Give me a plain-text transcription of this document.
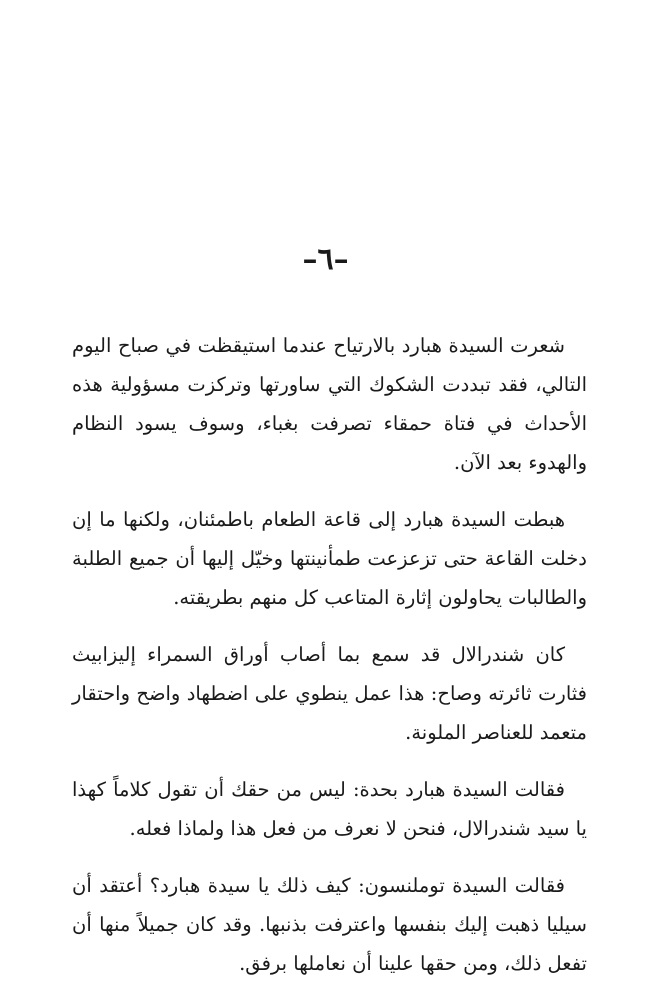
–٦–

شعرت السيدة هبارد بالارتياح عندما استيقظت في صباح اليوم التالي، فقد تبددت الشكوك التي ساورتها وتركزت مسؤولية هذه الأحداث في فتاة حمقاء تصرفت بغباء، وسوف يسود النظام والهدوء بعد الآن.

هبطت السيدة هبارد إلى قاعة الطعام باطمئنان، ولكنها ما إن دخلت القاعة حتى تزعزعت طمأنينتها وخيّل إليها أن جميع الطلبة والطالبات يحاولون إثارة المتاعب كل منهم بطريقته.

كان شندرالال قد سمع بما أصاب أوراق السمراء إليزابيث فثارت ثائرته وصاح: هذا عمل ينطوي على اضطهاد واضح واحتقار متعمد للعناصر الملونة.

فقالت السيدة هبارد بحدة: ليس من حقك أن تقول كلاماً كهذا يا سيد شندرالال، فنحن لا نعرف من فعل هذا ولماذا فعله.

فقالت السيدة توملنسون: كيف ذلك يا سيدة هبارد؟ أعتقد أن سيليا ذهبت إليك بنفسها واعترفت بذنبها. وقد كان جميلاً منها أن تفعل ذلك، ومن حقها علينا أن نعاملها برفق.
